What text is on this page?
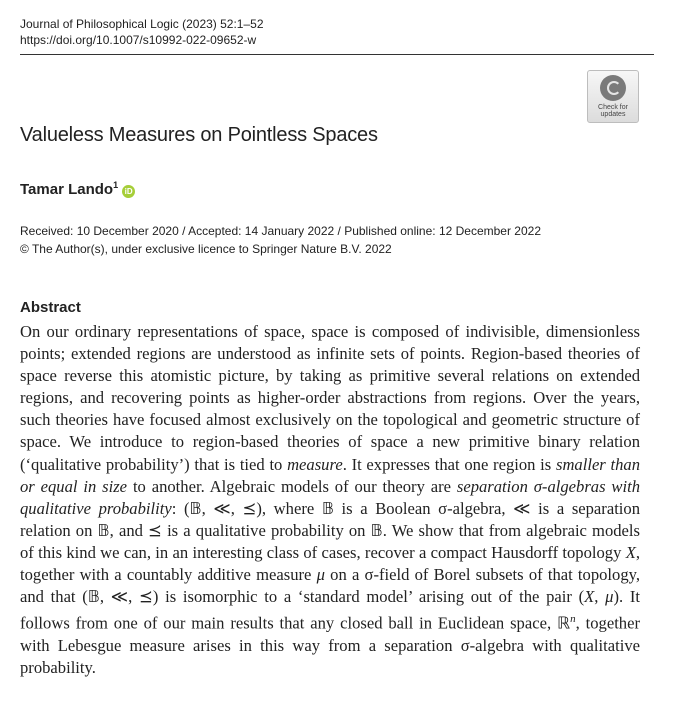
Journal of Philosophical Logic (2023) 52:1–52
https://doi.org/10.1007/s10992-022-09652-w
Check for
updates
Valueless Measures on Pointless Spaces
Tamar Lando$^1$iD
Received: 10 December 2020 / Accepted: 14 January 2022 / Published online: 12 December 2022
© The Author(s), under exclusive licence to Springer Nature B.V. 2022
Abstract
On our ordinary representations of space, space is composed of indivisible, dimensionless points; extended regions are understood as infinite sets of points. Region-based theories of space reverse this atomistic picture, by taking as primitive several relations on extended regions, and recovering points as higher-order abstractions from regions. Over the years, such theories have focused almost exclusively on the topological and geometric structure of space. We introduce to region-based theories of space a new primitive binary relation (‘qualitative probability’) that is tied to measure. It expresses that one region is smaller than or equal in size to another. Algebraic models of our theory are separation σ-algebras with qualitative probability: (𝔹, ≪, ⪯), where 𝔹 is a Boolean σ-algebra, ≪ is a separation relation on 𝔹, and ⪯ is a qualitative probability on 𝔹. We show that from algebraic models of this kind we can, in an interesting class of cases, recover a compact Hausdorff topology X, together with a countably additive measure μ on a σ-field of Borel subsets of that topology, and that (𝔹, ≪, ⪯) is isomorphic to a ‘standard model’ arising out of the pair (X, μ). It follows from one of our main results that any closed ball in Euclidean space, ℝ$^n$, together with Lebesgue measure arises in this way from a separation σ-algebra with qualitative probability.
